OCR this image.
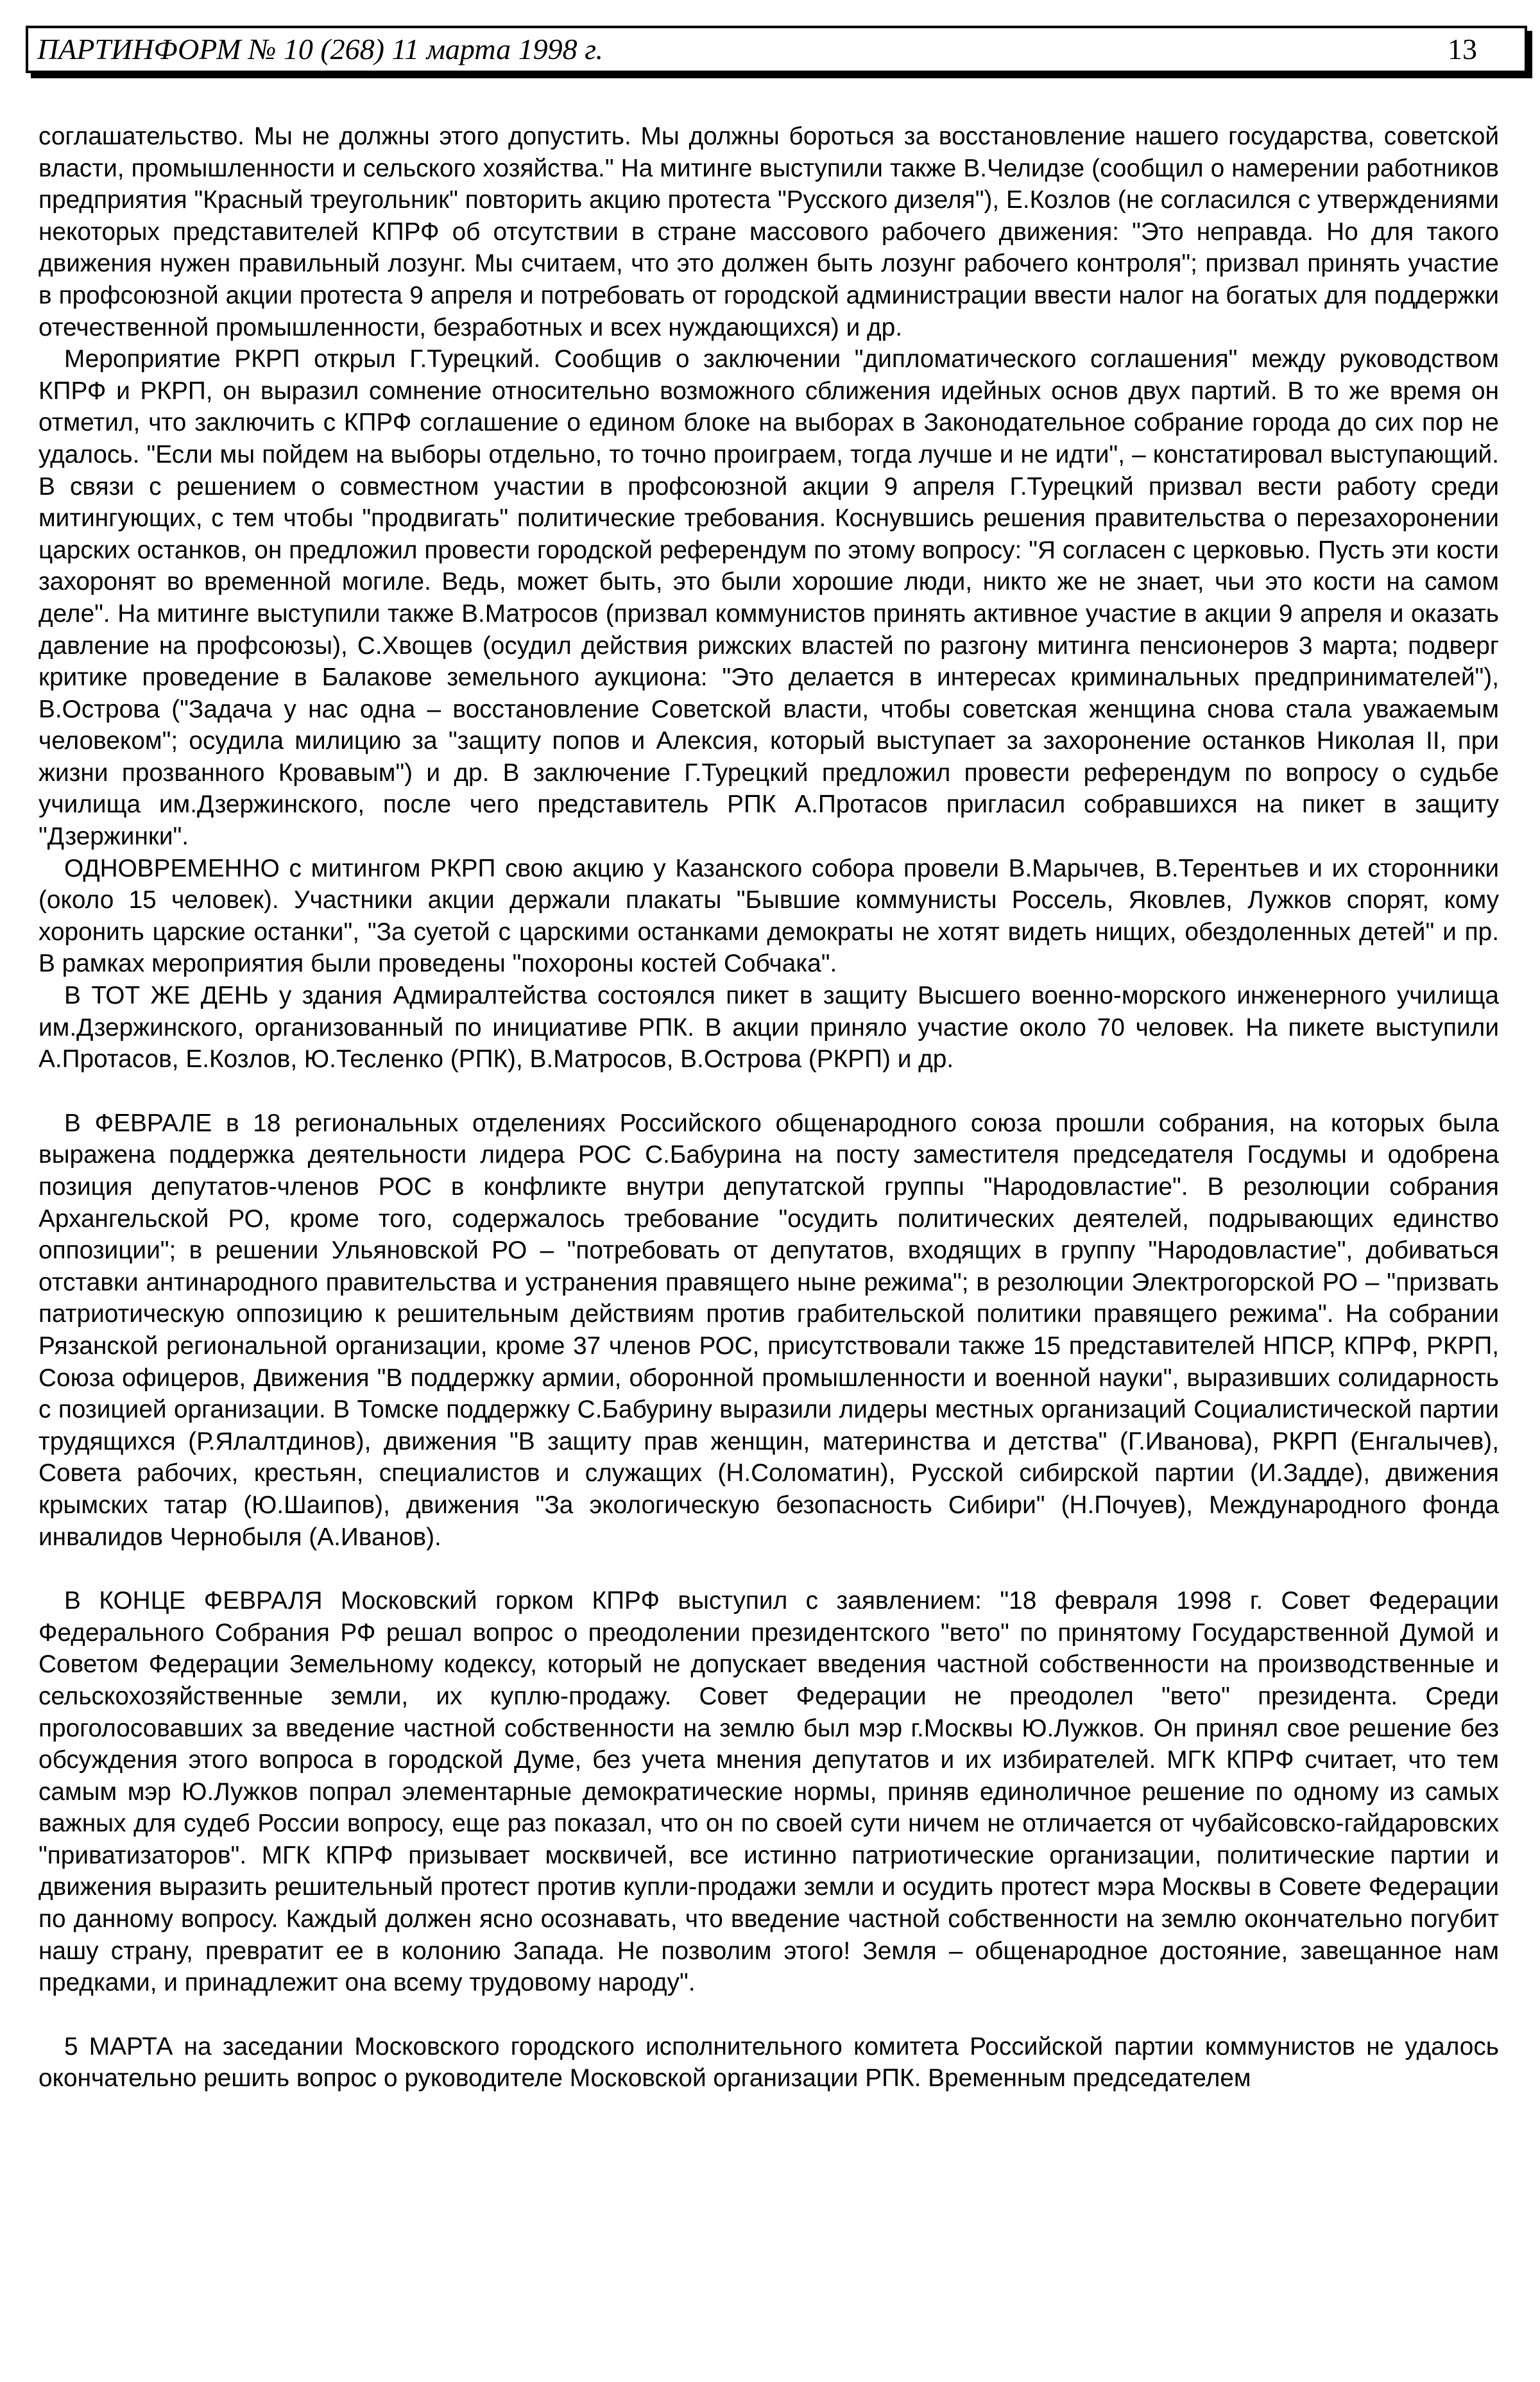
ПАРТИНФОРМ № 10 (268) 11 марта 1998 г.	13

соглашательство. Мы не должны этого допустить. Мы должны бороться за восстановление нашего государства, советской власти, промышленности и сельского хозяйства." На митинге выступили также В.Челидзе (сообщил о намерении работников предприятия "Красный треугольник" повторить акцию протеста "Русского дизеля"), Е.Козлов (не согласился с утверждениями некоторых представителей КПРФ об отсутствии в стране массового рабочего движения: "Это неправда. Но для такого движения нужен правильный лозунг. Мы считаем, что это должен быть лозунг рабочего контроля"; призвал принять участие в профсоюзной акции протеста 9 апреля и потребовать от городской администрации ввести налог на богатых для поддержки отечественной промышленности, безработных и всех нуждающихся) и др.

Мероприятие РКРП открыл Г.Турецкий. Сообщив о заключении "дипломатического соглашения" между руководством КПРФ и РКРП, он выразил сомнение относительно возможного сближения идейных основ двух партий. В то же время он отметил, что заключить с КПРФ соглашение о едином блоке на выборах в Законодательное собрание города до сих пор не удалось. "Если мы пойдем на выборы отдельно, то точно проиграем, тогда лучше и не идти", – констатировал выступающий. В связи с решением о совместном участии в профсоюзной акции 9 апреля Г.Турецкий призвал вести работу среди митингующих, с тем чтобы "продвигать" политические требования. Коснувшись решения правительства о перезахоронении царских останков, он предложил провести городской референдум по этому вопросу: "Я согласен с церковью. Пусть эти кости захоронят во временной могиле. Ведь, может быть, это были хорошие люди, никто же не знает, чьи это кости на самом деле". На митинге выступили также В.Матросов (призвал коммунистов принять активное участие в акции 9 апреля и оказать давление на профсоюзы), С.Хвощев (осудил действия рижских властей по разгону митинга пенсионеров 3 марта; подверг критике проведение в Балакове земельного аукциона: "Это делается в интересах криминальных предпринимателей"), В.Острова ("Задача у нас одна – восстановление Советской власти, чтобы советская женщина снова стала уважаемым человеком"; осудила милицию за "защиту попов и Алексия, который выступает за захоронение останков Николая II, при жизни прозванного Кровавым") и др. В заключение Г.Турецкий предложил провести референдум по вопросу о судьбе училища им.Дзержинского, после чего представитель РПК А.Протасов пригласил собравшихся на пикет в защиту "Дзержинки".

ОДНОВРЕМЕННО с митингом РКРП свою акцию у Казанского собора провели В.Марычев, В.Терентьев и их сторонники (около 15 человек). Участники акции держали плакаты "Бывшие коммунисты Россель, Яковлев, Лужков спорят, кому хоронить царские останки", "За суетой с царскими останками демократы не хотят видеть нищих, обездоленных детей" и пр. В рамках мероприятия были проведены "похороны костей Собчака".

В ТОТ ЖЕ ДЕНЬ у здания Адмиралтейства состоялся пикет в защиту Высшего военно-морского инженерного училища им.Дзержинского, организованный по инициативе РПК. В акции приняло участие около 70 человек. На пикете выступили А.Протасов, Е.Козлов, Ю.Тесленко (РПК), В.Матросов, В.Острова (РКРП) и др.

В ФЕВРАЛЕ в 18 региональных отделениях Российского общенародного союза прошли собрания, на которых была выражена поддержка деятельности лидера РОС С.Бабурина на посту заместителя председателя Госдумы и одобрена позиция депутатов-членов РОС в конфликте внутри депутатской группы "Народовластие". В резолюции собрания Архангельской РО, кроме того, содержалось требование "осудить политических деятелей, подрывающих единство оппозиции"; в решении Ульяновской РО – "потребовать от депутатов, входящих в группу "Народовластие", добиваться отставки антинародного правительства и устранения правящего ныне режима"; в резолюции Электрогорской РО – "призвать патриотическую оппозицию к решительным действиям против грабительской политики правящего режима". На собрании Рязанской региональной организации, кроме 37 членов РОС, присутствовали также 15 представителей НПСР, КПРФ, РКРП, Союза офицеров, Движения "В поддержку армии, оборонной промышленности и военной науки", выразивших солидарность с позицией организации. В Томске поддержку С.Бабурину выразили лидеры местных организаций Социалистической партии трудящихся (Р.Ялалтдинов), движения "В защиту прав женщин, материнства и детства" (Г.Иванова), РКРП (Енгалычев), Совета рабочих, крестьян, специалистов и служащих (Н.Соломатин), Русской сибирской партии (И.Задде), движения крымских татар (Ю.Шаипов), движения "За экологическую безопасность Сибири" (Н.Почуев), Международного фонда инвалидов Чернобыля (А.Иванов).

В КОНЦЕ ФЕВРАЛЯ Московский горком КПРФ выступил с заявлением: "18 февраля 1998 г. Совет Федерации Федерального Собрания РФ решал вопрос о преодолении президентского "вето" по принятому Государственной Думой и Советом Федерации Земельному кодексу, который не допускает введения частной собственности на производственные и сельскохозяйственные земли, их куплю-продажу. Совет Федерации не преодолел "вето" президента. Среди проголосовавших за введение частной собственности на землю был мэр г.Москвы Ю.Лужков. Он принял свое решение без обсуждения этого вопроса в городской Думе, без учета мнения депутатов и их избирателей. МГК КПРФ считает, что тем самым мэр Ю.Лужков попрал элементарные демократические нормы, приняв единоличное решение по одному из самых важных для судеб России вопросу, еще раз показал, что он по своей сути ничем не отличается от чубайсовско-гайдаровских "приватизаторов". МГК КПРФ призывает москвичей, все истинно патриотические организации, политические партии и движения выразить решительный протест против купли-продажи земли и осудить протест мэра Москвы в Совете Федерации по данному вопросу. Каждый должен ясно осознавать, что введение частной собственности на землю окончательно погубит нашу страну, превратит ее в колонию Запада. Не позволим этого! Земля – общенародное достояние, завещанное нам предками, и принадлежит она всему трудовому народу".

5 МАРТА на заседании Московского городского исполнительного комитета Российской партии коммунистов не удалось окончательно решить вопрос о руководителе Московской организации РПК. Временным председателем
